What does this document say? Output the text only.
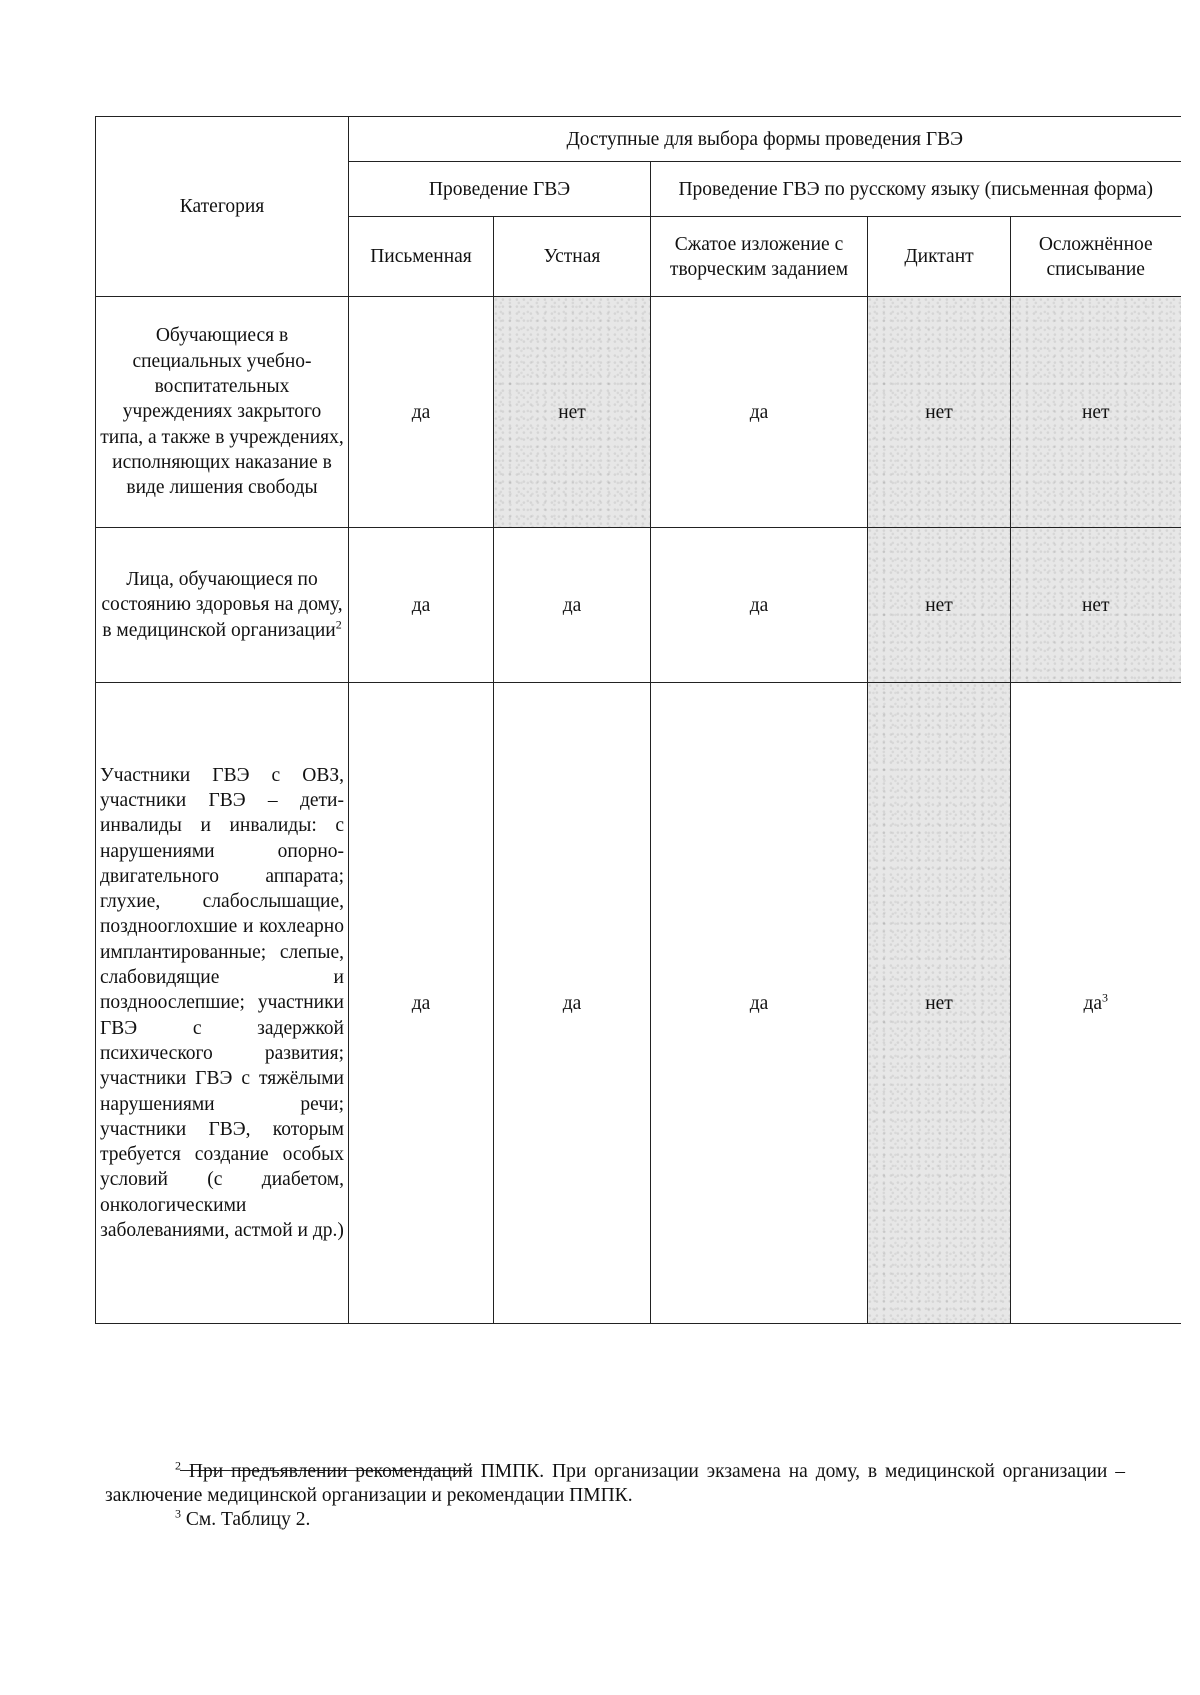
Категория	Доступные для выбора формы проведения ГВЭ				
	Проведение ГВЭ		Проведение ГВЭ по русскому языку (письменная форма)		
	Письменная	Устная	Сжатое изложение с творческим заданием	Диктант	Осложнённое списывание
Обучающиеся в специальных учебно-воспитательных учреждениях закрытого типа, а также в учреждениях, исполняющих наказание в виде лишения свободы	да	нет	да	нет	нет
Лица, обучающиеся по состоянию здоровья на дому, в медицинской организации$^2$	да	да	да	нет	нет
Участники ГВЭ с ОВЗ, участники ГВЭ – дети-инвалиды и инвалиды: с нарушениями опорно-двигательного аппарата; глухие, слабослышащие, позднооглохшие и кохлеарно имплантированные; слепые, слабовидящие и поздноослепшие; участники ГВЭ с задержкой психического развития; участники ГВЭ с тяжёлыми нарушениями речи; участники ГВЭ, которым требуется создание особых условий (с диабетом, онкологическими заболеваниями, астмой и др.)	да	да	да	нет	$да^3$

$^2$ При предъявлении рекомендаций ПМПК. При организации экзамена на дому, в медицинской организации – заключение медицинской организации и рекомендации ПМПК.

$^3$ См. Таблицу 2.
